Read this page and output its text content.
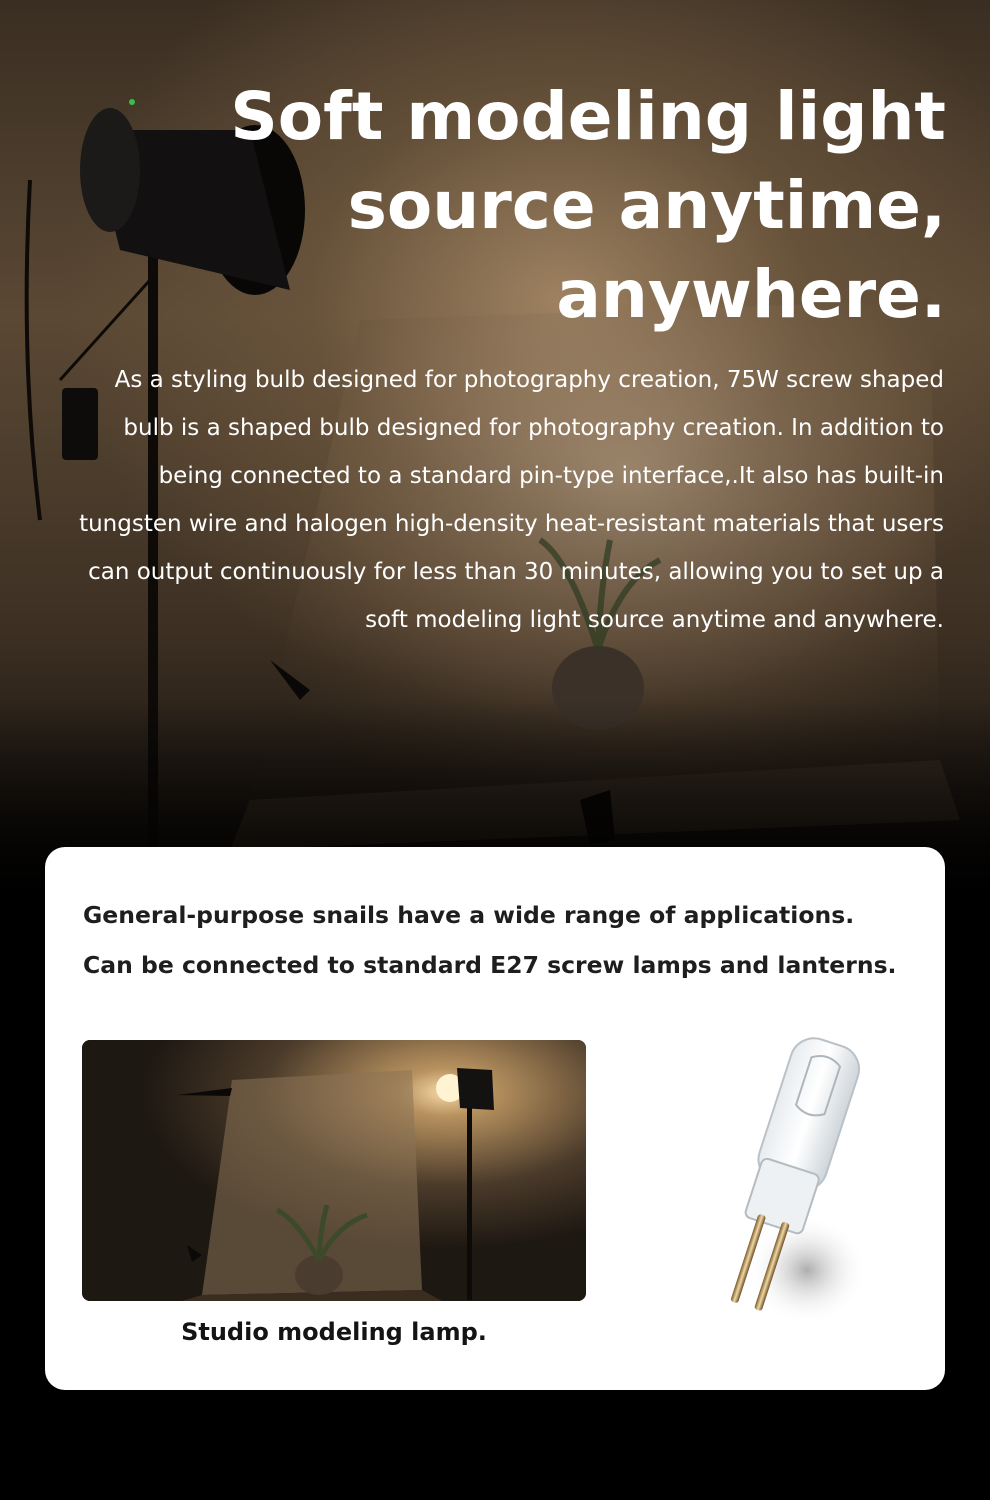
Soft modeling light source anytime, anywhere.

As a styling bulb designed for photography creation, 75W screw shaped bulb is a shaped bulb designed for photography creation. In addition to being connected to a standard pin-type interface,.It also has built-in tungsten wire and halogen high-density heat-resistant materials that users can output continuously for less than 30 minutes, allowing you to set up a soft modeling light source anytime and anywhere.

General-purpose snails have a wide range of applications.

Can be connected to standard E27 screw lamps and lanterns.

Studio modeling lamp.
